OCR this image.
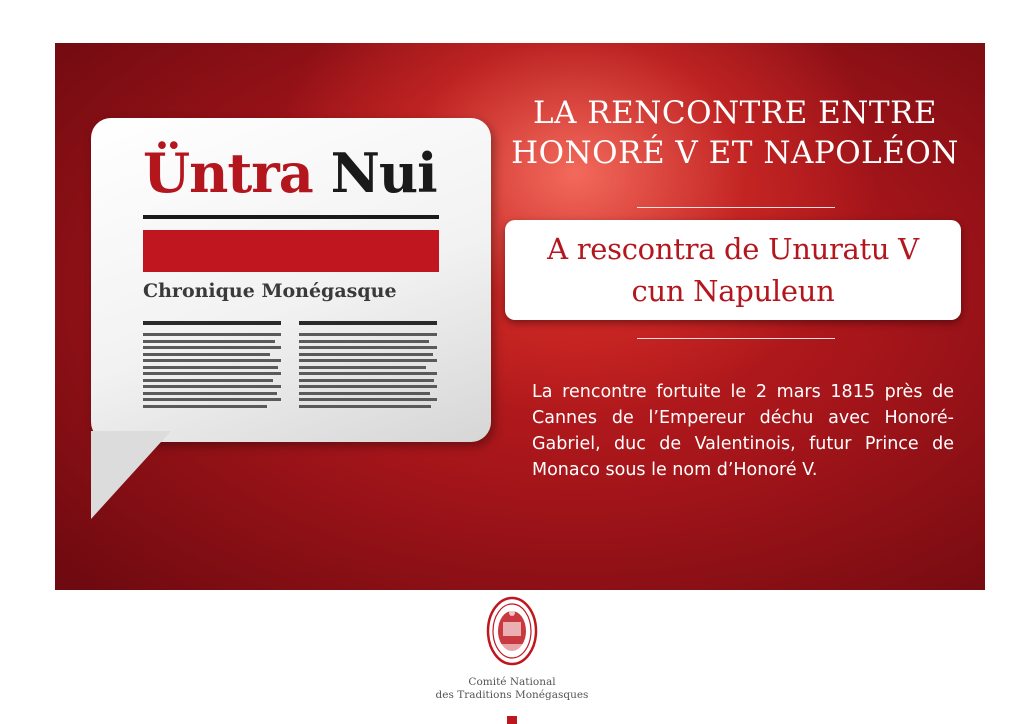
Üntra Nui
Chronique Monégasque
LA RENCONTRE ENTRE
HONORÉ V ET NAPOLÉON
A rescontra de Unuratu V
cun Napuleun
La rencontre fortuite le 2 mars 1815 près de Cannes de l’Empereur déchu avec Honoré-Gabriel, duc de Valentinois, futur Prince de Monaco sous le nom d’Honoré V.
Comité National
des Traditions Monégasques
